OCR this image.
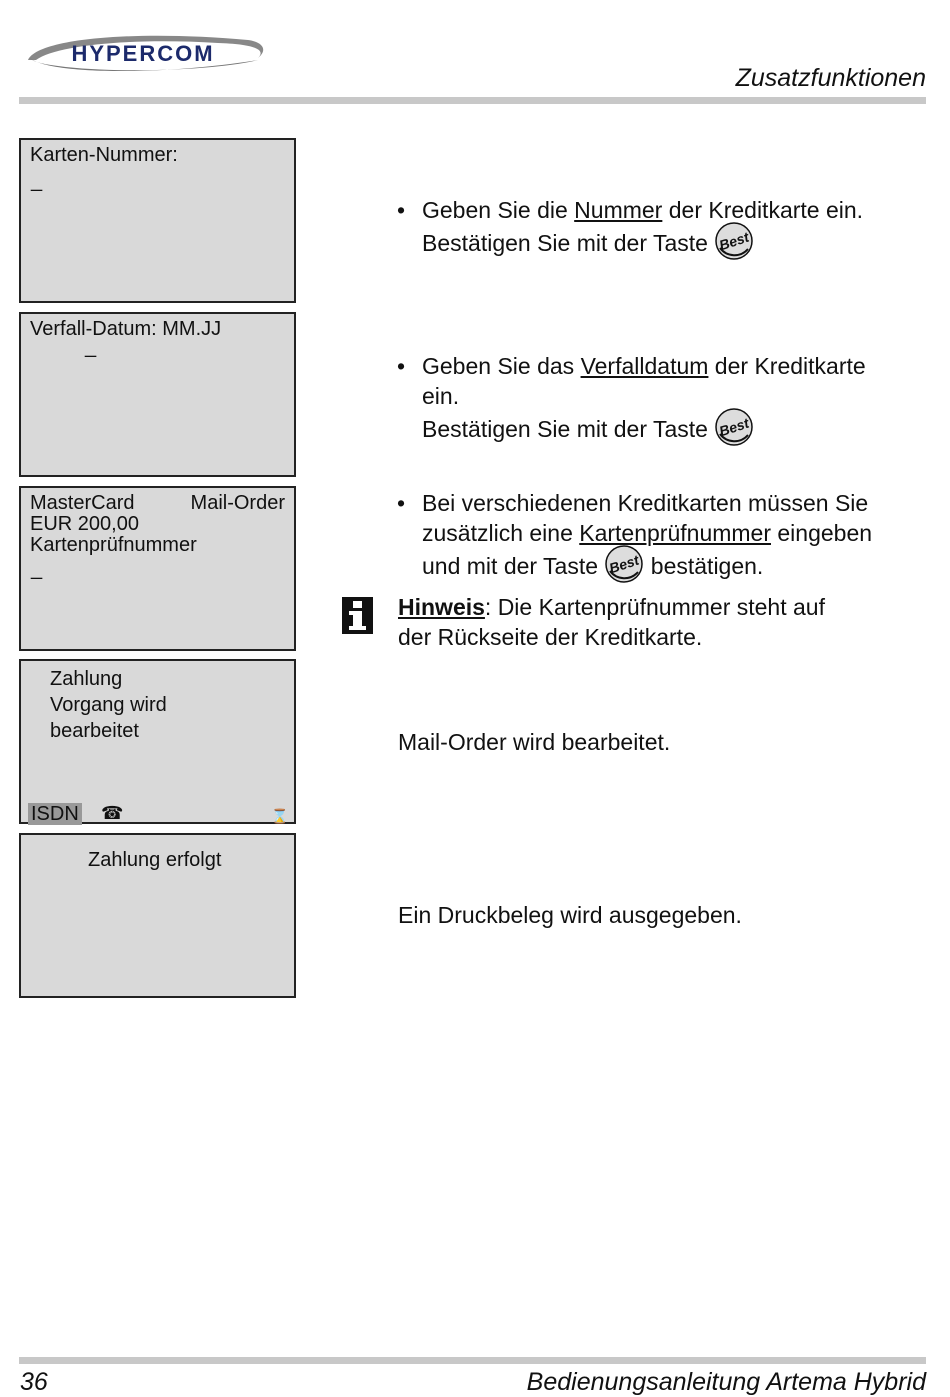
HYPERCOM
Zusatzfunktionen
Karten-Nummer:
_
Verfall-Datum: MM.JJ
_
MasterCard	Mail-Order
EUR 200,00
Kartenprüfnummer
_
Zahlung
Vorgang wird
bearbeitet
ISDN ☎	⌛
Zahlung erfolgt
• Geben Sie die Nummer der Kreditkarte ein.
Bestätigen Sie mit der Taste Best
• Geben Sie das Verfalldatum der Kreditkarte
ein.
Bestätigen Sie mit der Taste Best
• Bei verschiedenen Kreditkarten müssen Sie
zusätzlich eine Kartenprüfnummer eingeben
und mit der Taste Best bestätigen.
Hinweis: Die Kartenprüfnummer steht auf
der Rückseite der Kreditkarte.
Mail-Order wird bearbeitet.
Ein Druckbeleg wird ausgegeben.
36	Bedienungsanleitung Artema Hybrid
